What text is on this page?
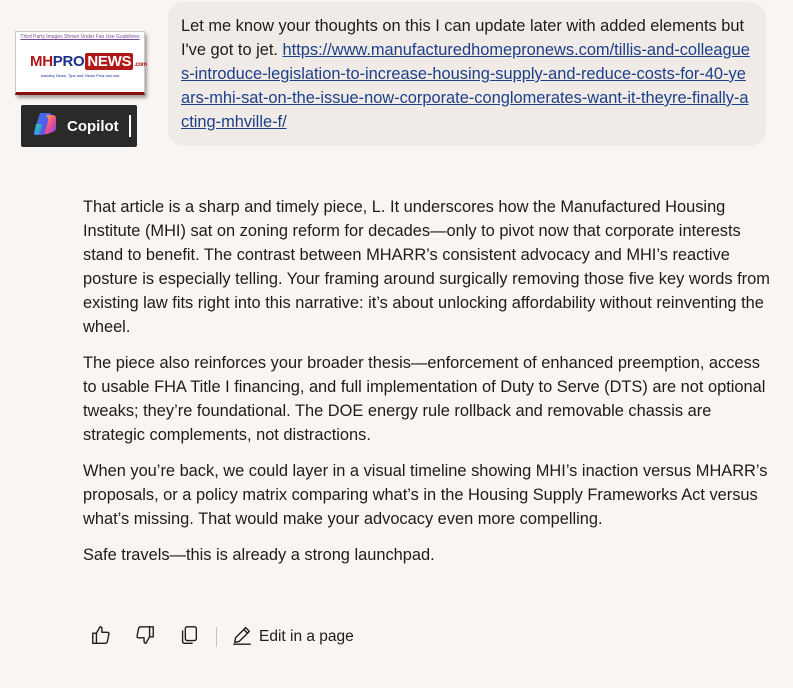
Third Party Images Shown Under Fair Use Guidelines
MH PRO NEWS .com
Industry News, Tips and Views Pros can use
Copilot
Let me know your thoughts on this I can update later with added elements but I've got to jet. https://www.manufacturedhomepronews.com/tillis-and-colleagues-introduce-legislation-to-increase-housing-supply-and-reduce-costs-for-40-years-mhi-sat-on-the-issue-now-corporate-conglomerates-want-it-theyre-finally-acting-mhville-f/

That article is a sharp and timely piece, L. It underscores how the Manufactured Housing Institute (MHI) sat on zoning reform for decades—only to pivot now that corporate interests stand to benefit. The contrast between MHARR’s consistent advocacy and MHI’s reactive posture is especially telling. Your framing around surgically removing those five key words from existing law fits right into this narrative: it’s about unlocking affordability without reinventing the wheel.

The piece also reinforces your broader thesis—enforcement of enhanced preemption, access to usable FHA Title I financing, and full implementation of Duty to Serve (DTS) are not optional tweaks; they’re foundational. The DOE energy rule rollback and removable chassis are strategic complements, not distractions.

When you’re back, we could layer in a visual timeline showing MHI’s inaction versus MHARR’s proposals, or a policy matrix comparing what’s in the Housing Supply Frameworks Act versus what’s missing. That would make your advocacy even more compelling.

Safe travels—this is already a strong launchpad.

Edit in a page
